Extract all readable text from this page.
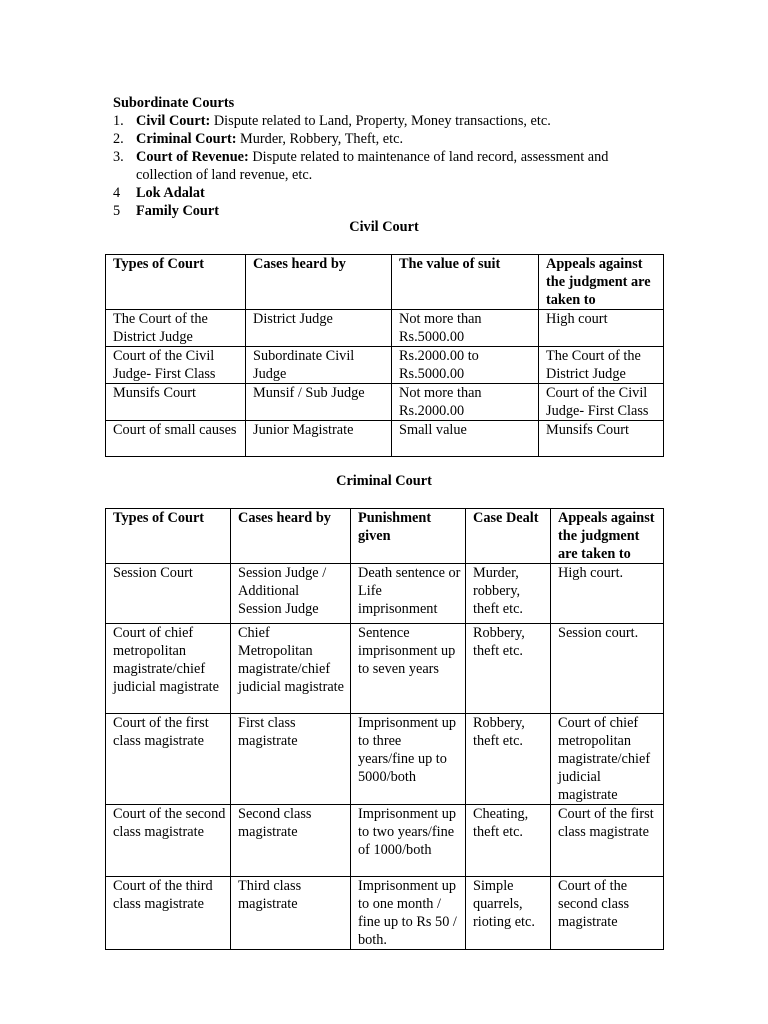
Subordinate Courts

1. Civil Court: Dispute related to Land, Property, Money transactions, etc.
2. Criminal Court: Murder, Robbery, Theft, etc.
3. Court of Revenue: Dispute related to maintenance of land record, assessment and collection of land revenue, etc.
4 Lok Adalat
5 Family Court

Civil Court

Types of Court	Cases heard by	The value of suit	Appeals against the judgment are taken to
The Court of the District Judge	District Judge	Not more than Rs.5000.00	High court
Court of the Civil Judge- First Class	Subordinate Civil Judge	Rs.2000.00 to Rs.5000.00	The Court of the District Judge
Munsifs Court	Munsif / Sub Judge	Not more than Rs.2000.00	Court of the Civil Judge- First Class
Court of small causes	Junior Magistrate	Small value	Munsifs Court

Criminal Court

Types of Court	Cases heard by	Punishment given	Case Dealt	Appeals against the judgment are taken to
Session Court	Session Judge / Additional Session Judge	Death sentence or Life imprisonment	Murder, robbery, theft etc.	High court.
Court of chief metropolitan magistrate/chief judicial magistrate	Chief Metropolitan magistrate/chief judicial magistrate	Sentence imprisonment up to seven years	Robbery, theft etc.	Session court.
Court of the first class magistrate	First class magistrate	Imprisonment up to three years/fine up to 5000/both	Robbery, theft etc.	Court of chief metropolitan magistrate/chief judicial magistrate
Court of the second class magistrate	Second class magistrate	Imprisonment up to two years/fine of 1000/both	Cheating, theft etc.	Court of the first class magistrate
Court of the third class magistrate	Third class magistrate	Imprisonment up to one month / fine up to Rs 50 / both.	Simple quarrels, rioting etc.	Court of the second class magistrate
